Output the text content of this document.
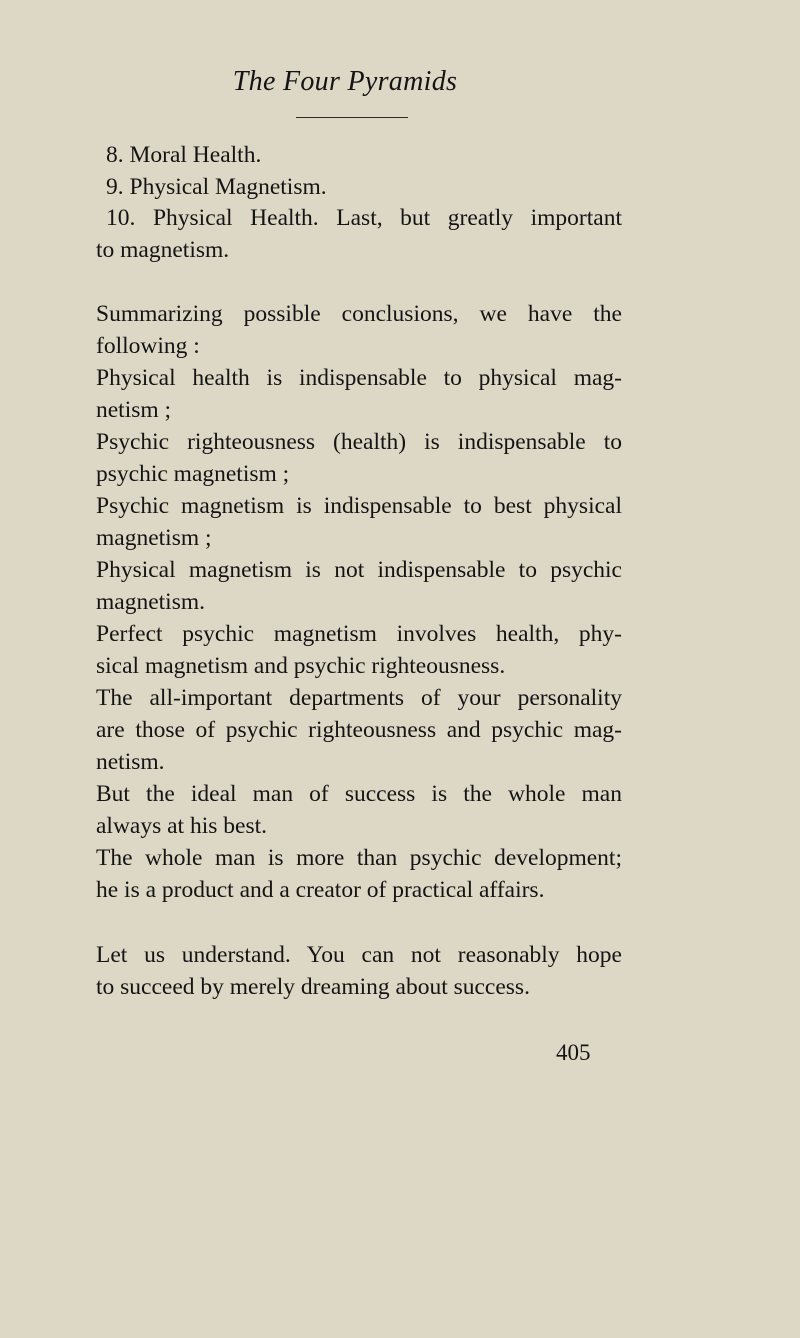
The Four Pyramids
8. Moral Health.
9. Physical Magnetism.
10. Physical Health. Last, but greatly important
to magnetism.
Summarizing possible conclusions, we have the
following :
Physical health is indispensable to physical mag-
netism ;
Psychic righteousness (health) is indispensable to
psychic magnetism ;
Psychic magnetism is indispensable to best physical
magnetism ;
Physical magnetism is not indispensable to psychic
magnetism.
Perfect psychic magnetism involves health, phy-
sical magnetism and psychic righteousness.
The all-important departments of your personality
are those of psychic righteousness and psychic mag-
netism.
But the ideal man of success is the whole man
always at his best.
The whole man is more than psychic development;
he is a product and a creator of practical affairs.
Let us understand. You can not reasonably hope
to succeed by merely dreaming about success.
405
